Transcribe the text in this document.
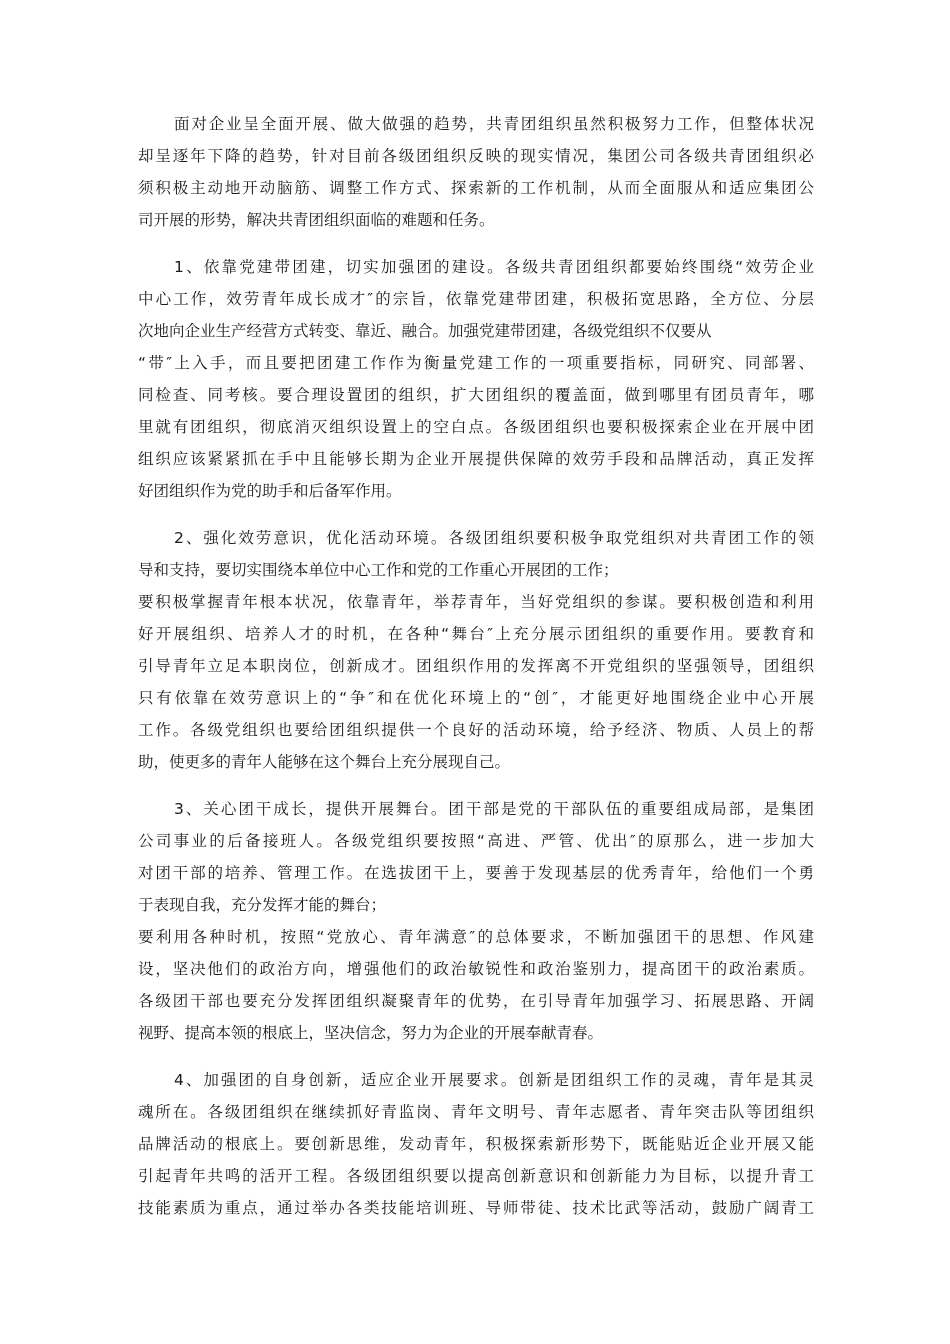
面对企业呈全面开展、做大做强的趋势，共青团组织虽然积极努力工作，但整体状况
却呈逐年下降的趋势，针对目前各级团组织反映的现实情况，集团公司各级共青团组织必
须积极主动地开动脑筋、调整工作方式、探索新的工作机制，从而全面服从和适应集团公
司开展的形势，解决共青团组织面临的难题和任务。
1、依靠党建带团建，切实加强团的建设。各级共青团组织都要始终围绕“效劳企业
中心工作，效劳青年成长成才″的宗旨，依靠党建带团建，积极拓宽思路，全方位、分层
次地向企业生产经营方式转变、靠近、融合。加强党建带团建，各级党组织不仅要从
“带″上入手，而且要把团建工作作为衡量党建工作的一项重要指标，同研究、同部署、
同检查、同考核。要合理设置团的组织，扩大团组织的覆盖面，做到哪里有团员青年，哪
里就有团组织，彻底消灭组织设置上的空白点。各级团组织也要积极探索企业在开展中团
组织应该紧紧抓在手中且能够长期为企业开展提供保障的效劳手段和品牌活动，真正发挥
好团组织作为党的助手和后备军作用。
2、强化效劳意识，优化活动环境。各级团组织要积极争取党组织对共青团工作的领
导和支持，要切实围绕本单位中心工作和党的工作重心开展团的工作；
要积极掌握青年根本状况，依靠青年，举荐青年，当好党组织的参谋。要积极创造和利用
好开展组织、培养人才的时机，在各种“舞台″上充分展示团组织的重要作用。要教育和
引导青年立足本职岗位，创新成才。团组织作用的发挥离不开党组织的坚强领导，团组织
只有依靠在效劳意识上的“争″和在优化环境上的“创″，才能更好地围绕企业中心开展
工作。各级党组织也要给团组织提供一个良好的活动环境，给予经济、物质、人员上的帮
助，使更多的青年人能够在这个舞台上充分展现自己。
3、关心团干成长，提供开展舞台。团干部是党的干部队伍的重要组成局部，是集团
公司事业的后备接班人。各级党组织要按照“高进、严管、优出″的原那么，进一步加大
对团干部的培养、管理工作。在选拔团干上，要善于发现基层的优秀青年，给他们一个勇
于表现自我，充分发挥才能的舞台；
要利用各种时机，按照“党放心、青年满意″的总体要求，不断加强团干的思想、作风建
设，坚决他们的政治方向，增强他们的政治敏锐性和政治鉴别力，提高团干的政治素质。
各级团干部也要充分发挥团组织凝聚青年的优势，在引导青年加强学习、拓展思路、开阔
视野、提高本领的根底上，坚决信念，努力为企业的开展奉献青春。
4、加强团的自身创新，适应企业开展要求。创新是团组织工作的灵魂，青年是其灵
魂所在。各级团组织在继续抓好青监岗、青年文明号、青年志愿者、青年突击队等团组织
品牌活动的根底上。要创新思维，发动青年，积极探索新形势下，既能贴近企业开展又能
引起青年共鸣的活开工程。各级团组织要以提高创新意识和创新能力为目标，以提升青工
技能素质为重点，通过举办各类技能培训班、导师带徒、技术比武等活动，鼓励广阔青工
